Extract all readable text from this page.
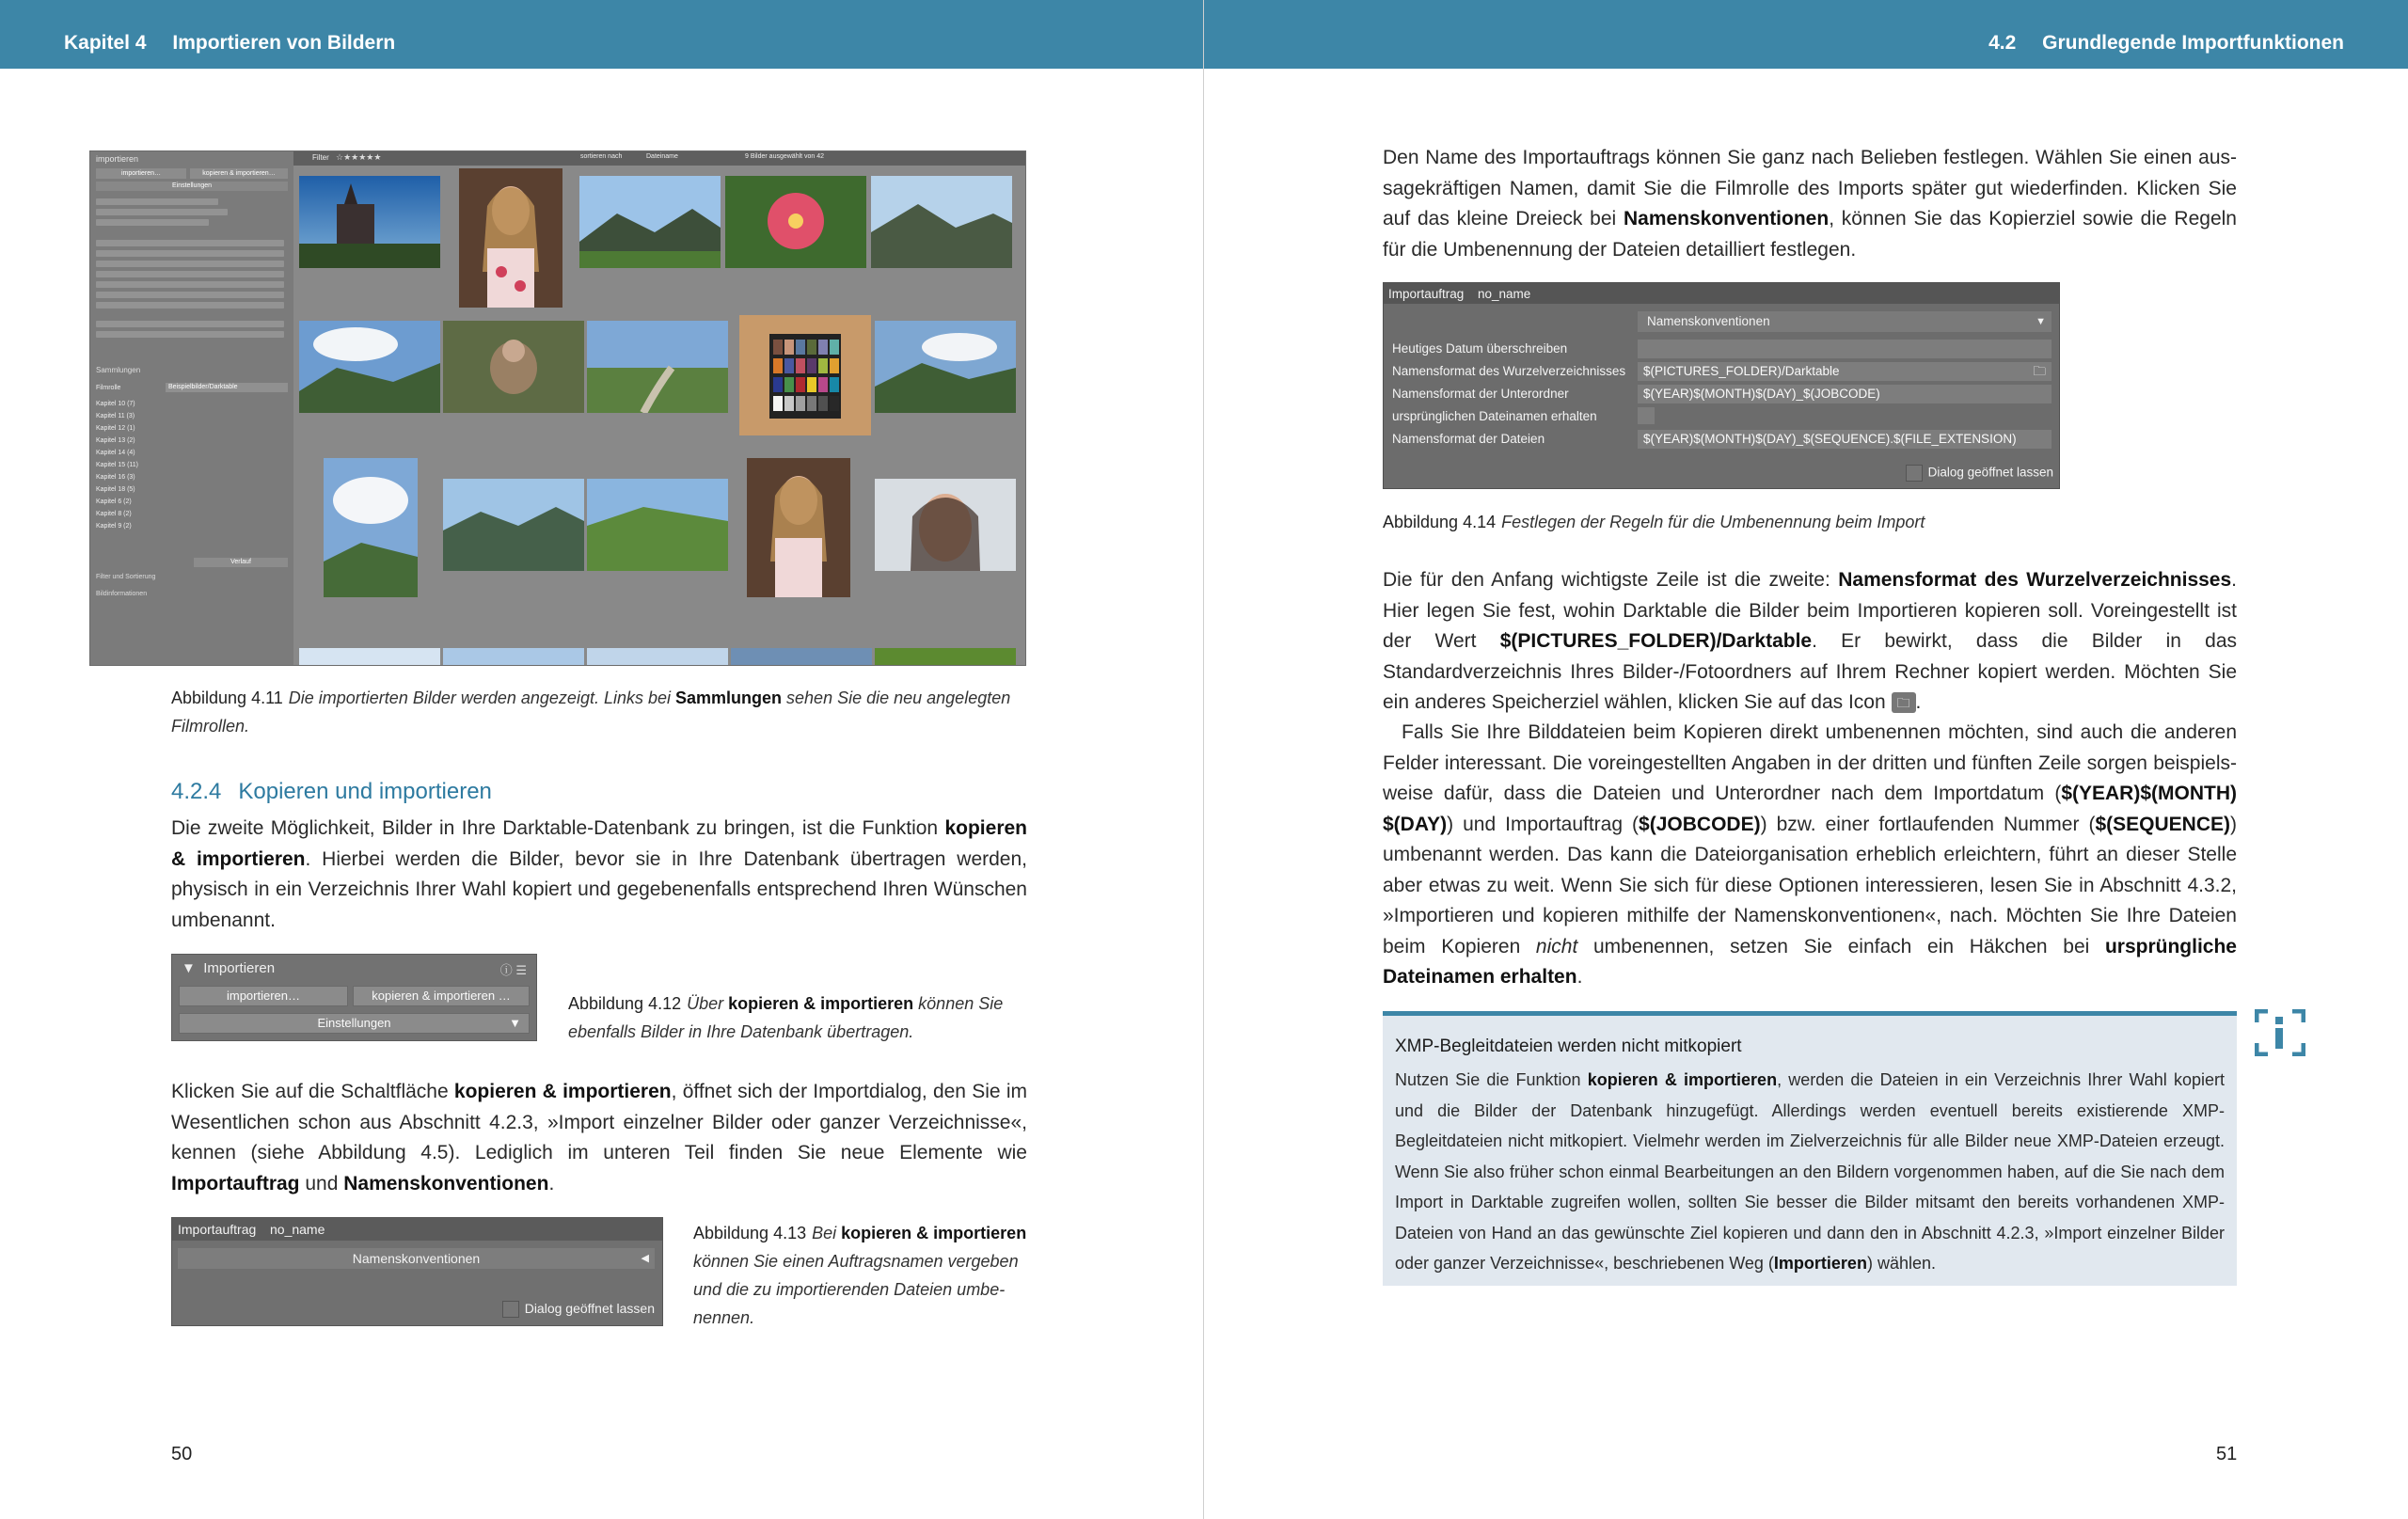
Kapitel 4 Importieren von Bildern
importieren
importieren…	kopieren & importieren…
Einstellungen
Sammlungen
Filmrolle	Beispielbilder/Darktable
Kapitel 10 (7)
Kapitel 11 (3)
Kapitel 12 (1)
Kapitel 13 (2)
Kapitel 14 (4)
Kapitel 15 (11)
Kapitel 16 (3)
Kapitel 18 (5)
Kapitel 6 (2)
Kapitel 8 (2)
Kapitel 9 (2)
Verlauf
Filter und Sortierung
Bildinformationen
Filter ☆★★★★★	sortieren nach	Dateiname	9 Bilder ausgewählt von 42
Abbildung 4.11 Die importierten Bilder werden angezeigt. Links bei Sammlungen sehen Sie die neu angelegten Filmrollen.
4.2.4 Kopieren und importieren

Die zweite Möglichkeit, Bilder in Ihre Darktable-Datenbank zu bringen, ist die Funktion kopieren & importieren. Hierbei werden die Bilder, bevor sie in Ihre Datenbank übertragen werden, physisch in ein Verzeichnis Ihrer Wahl kopiert und gegebenenfalls entsprechend Ihren Wünschen umbenannt.

▼  Importieren	ⓘ ☰
importieren…	kopieren & importieren …
Einstellungen	▼
Abbildung 4.12 Über kopieren & importieren können Sie ebenfalls Bilder in Ihre Datenbank übertragen.

Klicken Sie auf die Schaltfläche kopieren & importieren, öffnet sich der Importdialog, den Sie im Wesentlichen schon aus Abschnitt 4.2.3, »Import einzelner Bilder oder ganzer Verzeichnisse«, kennen (siehe Abbildung 4.5). Lediglich im unteren Teil finden Sie neue Elemente wie Importauftrag und Namenskonventionen.

Importauftrag no_name
Namenskonventionen	◀
Dialog geöffnet lassen
Abbildung 4.13 Bei kopieren & importieren können Sie einen Auftragsnamen vergeben und die zu importierenden Dateien umbenennen.
50
4.2 Grundlegende Importfunktionen

Den Name des Importauftrags können Sie ganz nach Belieben festlegen. Wählen Sie einen aussagekräftigen Namen, damit Sie die Filmrolle des Imports später gut wiederfinden. Klicken Sie auf das kleine Dreieck bei Namenskonventionen, können Sie das Kopierziel sowie die Regeln für die Umbenennung der Dateien detailliert festlegen.

Importauftrag no_name
Namenskonventionen	▼
Heutiges Datum überschreiben
Namensformat des Wurzelverzeichnisses	$(PICTURES_FOLDER)/Darktable	🗀
Namensformat der Unterordner	$(YEAR)$(MONTH)$(DAY)_$(JOBCODE)
ursprünglichen Dateinamen erhalten
Namensformat der Dateien	$(YEAR)$(MONTH)$(DAY)_$(SEQUENCE).$(FILE_EXTENSION)
Dialog geöffnet lassen
Abbildung 4.14 Festlegen der Regeln für die Umbenennung beim Import

Die für den Anfang wichtigste Zeile ist die zweite: Namensformat des Wurzelverzeichnisses. Hier legen Sie fest, wohin Darktable die Bilder beim Importieren kopieren soll. Voreingestellt ist der Wert $(PICTURES_FOLDER)/Darktable. Er bewirkt, dass die Bilder in das Standardverzeichnis Ihres Bilder-/Fotoordners auf Ihrem Rechner kopiert werden. Möchten Sie ein anderes Speicherziel wählen, klicken Sie auf das Icon 🗀 .

Falls Sie Ihre Bilddateien beim Kopieren direkt umbenennen möchten, sind auch die anderen Felder interessant. Die voreingestellten Angaben in der dritten und fünften Zeile sorgen beispielsweise dafür, dass die Dateien und Unterordner nach dem Importdatum ($(YEAR)$(MONTH) $(DAY)) und Importauftrag ($(JOBCODE)) bzw. einer fortlaufenden Nummer ($(SEQUENCE)) umbenannt werden. Das kann die Dateiorganisation erheblich erleichtern, führt an dieser Stelle aber etwas zu weit. Wenn Sie sich für diese Optionen interessieren, lesen Sie in Abschnitt 4.3.2, »Importieren und kopieren mithilfe der Namenskonventionen«, nach. Möchten Sie Ihre Dateien beim Kopieren nicht umbenennen, setzen Sie einfach ein Häkchen bei ursprüngliche Dateinamen erhalten.

XMP-Begleitdateien werden nicht mitkopiert
Nutzen Sie die Funktion kopieren & importieren, werden die Dateien in ein Verzeichnis Ihrer Wahl kopiert und die Bilder der Datenbank hinzugefügt. Allerdings werden eventuell bereits existierende XMP-Begleitdateien nicht mitkopiert. Vielmehr werden im Zielverzeichnis für alle Bilder neue XMP-Dateien erzeugt. Wenn Sie also früher schon einmal Bearbeitungen an den Bildern vorgenommen haben, auf die Sie nach dem Import in Darktable zugreifen wollen, sollten Sie besser die Bilder mitsamt den bereits vorhandenen XMP-Dateien von Hand an das gewünschte Ziel kopieren und dann den in Abschnitt 4.2.3, »Import einzelner Bilder oder ganzer Verzeichnisse«, beschriebenen Weg (Importieren) wählen.
51
